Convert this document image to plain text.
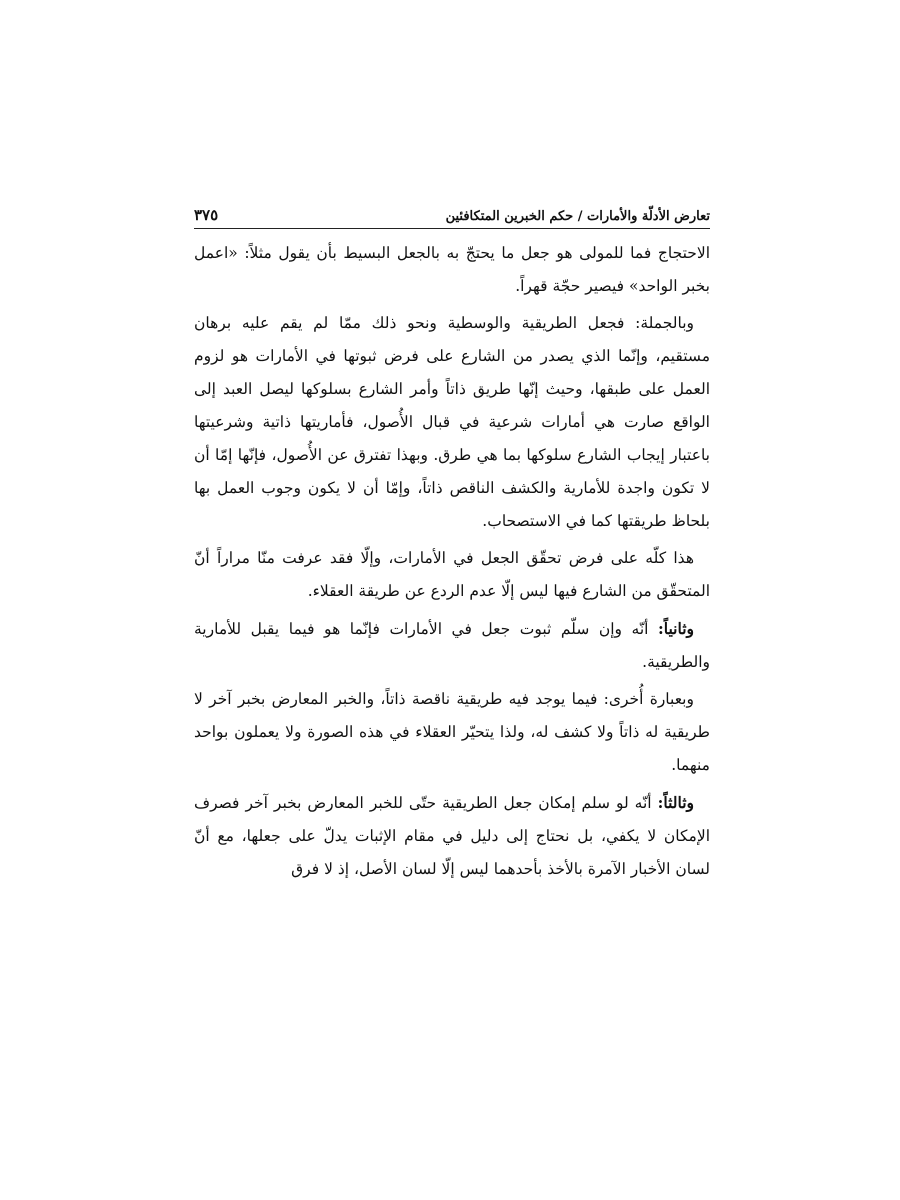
تعارض الأدلّة والأمارات / حكم الخبرين المتكافئين
٣٧٥

الاحتجاج فما للمولى هو جعل ما يحتجّ به بالجعل البسيط بأن يقول مثلاً: «اعمل بخبر الواحد» فيصير حجّة قهراً.

وبالجملة: فجعل الطريقية والوسطية ونحو ذلك ممّا لم يقم عليه برهان مستقيم، وإنّما الذي يصدر من الشارع على فرض ثبوتها في الأمارات هو لزوم العمل على طبقها، وحيث إنّها طريق ذاتاً وأمر الشارع بسلوكها ليصل العبد إلى الواقع صارت هي أمارات شرعية في قبال الأُصول، فأماريتها ذاتية وشرعيتها باعتبار إيجاب الشارع سلوكها بما هي طرق. وبهذا تفترق عن الأُصول، فإنّها إمّا أن لا تكون واجدة للأمارية والكشف الناقص ذاتاً، وإمّا أن لا يكون وجوب العمل بها بلحاظ طريقتها كما في الاستصحاب.

هذا كلّه على فرض تحقّق الجعل في الأمارات، وإلّا فقد عرفت منّا مراراً أنّ المتحقّق من الشارع فيها ليس إلّا عدم الردع عن طريقة العقلاء.

وثانياً: أنّه وإن سلّم ثبوت جعل في الأمارات فإنّما هو فيما يقبل للأمارية والطريقية.

وبعبارة أُخرى: فيما يوجد فيه طريقية ناقصة ذاتاً، والخبر المعارض بخبر آخر لا طريقية له ذاتاً ولا كشف له، ولذا يتحيّر العقلاء في هذه الصورة ولا يعملون بواحد منهما.

وثالثاً: أنّه لو سلم إمكان جعل الطريقية حتّى للخبر المعارض بخبر آخر فصرف الإمكان لا يكفي، بل نحتاج إلى دليل في مقام الإثبات يدلّ على جعلها، مع أنّ لسان الأخبار الآمرة بالأخذ بأحدهما ليس إلّا لسان الأصل، إذ لا فرق
